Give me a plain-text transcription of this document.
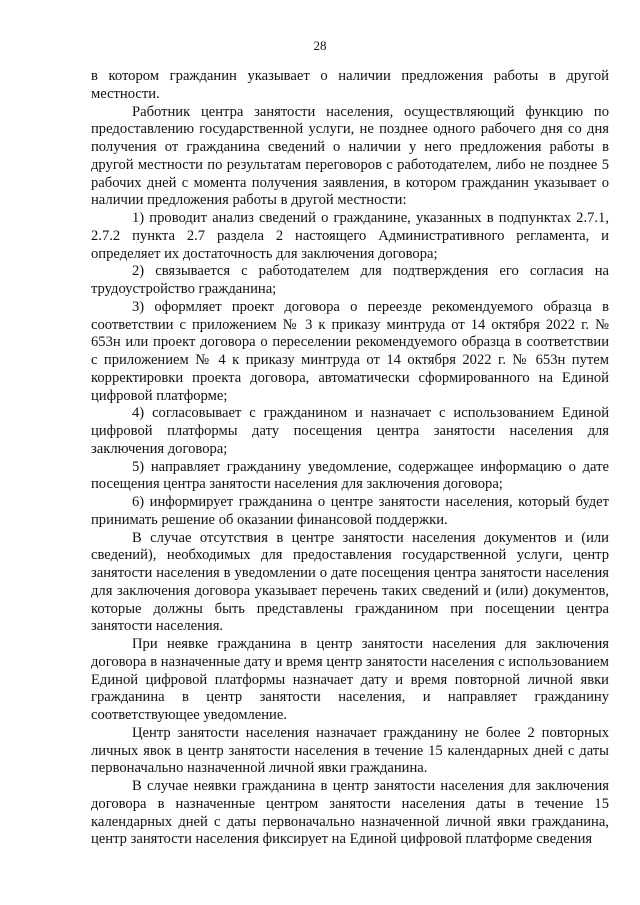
28

в котором гражданин указывает о наличии предложения работы в другой местности.

Работник центра занятости населения, осуществляющий функцию по предоставлению государственной услуги, не позднее одного рабочего дня со дня получения от гражданина сведений о наличии у него предложения работы в другой местности по результатам переговоров с работодателем, либо не позднее 5 рабочих дней с момента получения заявления, в котором гражданин указывает о наличии предложения работы в другой местности:

1) проводит анализ сведений о гражданине, указанных в подпунктах 2.7.1, 2.7.2 пункта 2.7 раздела 2 настоящего Административного регламента, и определяет их достаточность для заключения договора;

2) связывается с работодателем для подтверждения его согласия на трудоустройство гражданина;

3) оформляет проект договора о переезде рекомендуемого образца в соответствии с приложением № 3 к приказу минтруда от 14 октября 2022 г. № 653н или проект договора о переселении рекомендуемого образца в соответствии с приложением № 4 к приказу минтруда от 14 октября 2022 г. № 653н путем корректировки проекта договора, автоматически сформированного на Единой цифровой платформе;

4) согласовывает с гражданином и назначает с использованием Единой цифровой платформы дату посещения центра занятости населения для заключения договора;

5) направляет гражданину уведомление, содержащее информацию о дате посещения центра занятости населения для заключения договора;

6) информирует гражданина о центре занятости населения, который будет принимать решение об оказании финансовой поддержки.

В случае отсутствия в центре занятости населения документов и (или сведений), необходимых для предоставления государственной услуги, центр занятости населения в уведомлении о дате посещения центра занятости населения для заключения договора указывает перечень таких сведений и (или) документов, которые должны быть представлены гражданином при посещении центра занятости населения.

При неявке гражданина в центр занятости населения для заключения договора в назначенные дату и время центр занятости населения с использованием Единой цифровой платформы назначает дату и время повторной личной явки гражданина в центр занятости населения, и направляет гражданину соответствующее уведомление.

Центр занятости населения назначает гражданину не более 2 повторных личных явок в центр занятости населения в течение 15 календарных дней с даты первоначально назначенной личной явки гражданина.

В случае неявки гражданина в центр занятости населения для заключения договора в назначенные центром занятости населения даты в течение 15 календарных дней с даты первоначально назначенной личной явки гражданина, центр занятости населения фиксирует на Единой цифровой платформе сведения
